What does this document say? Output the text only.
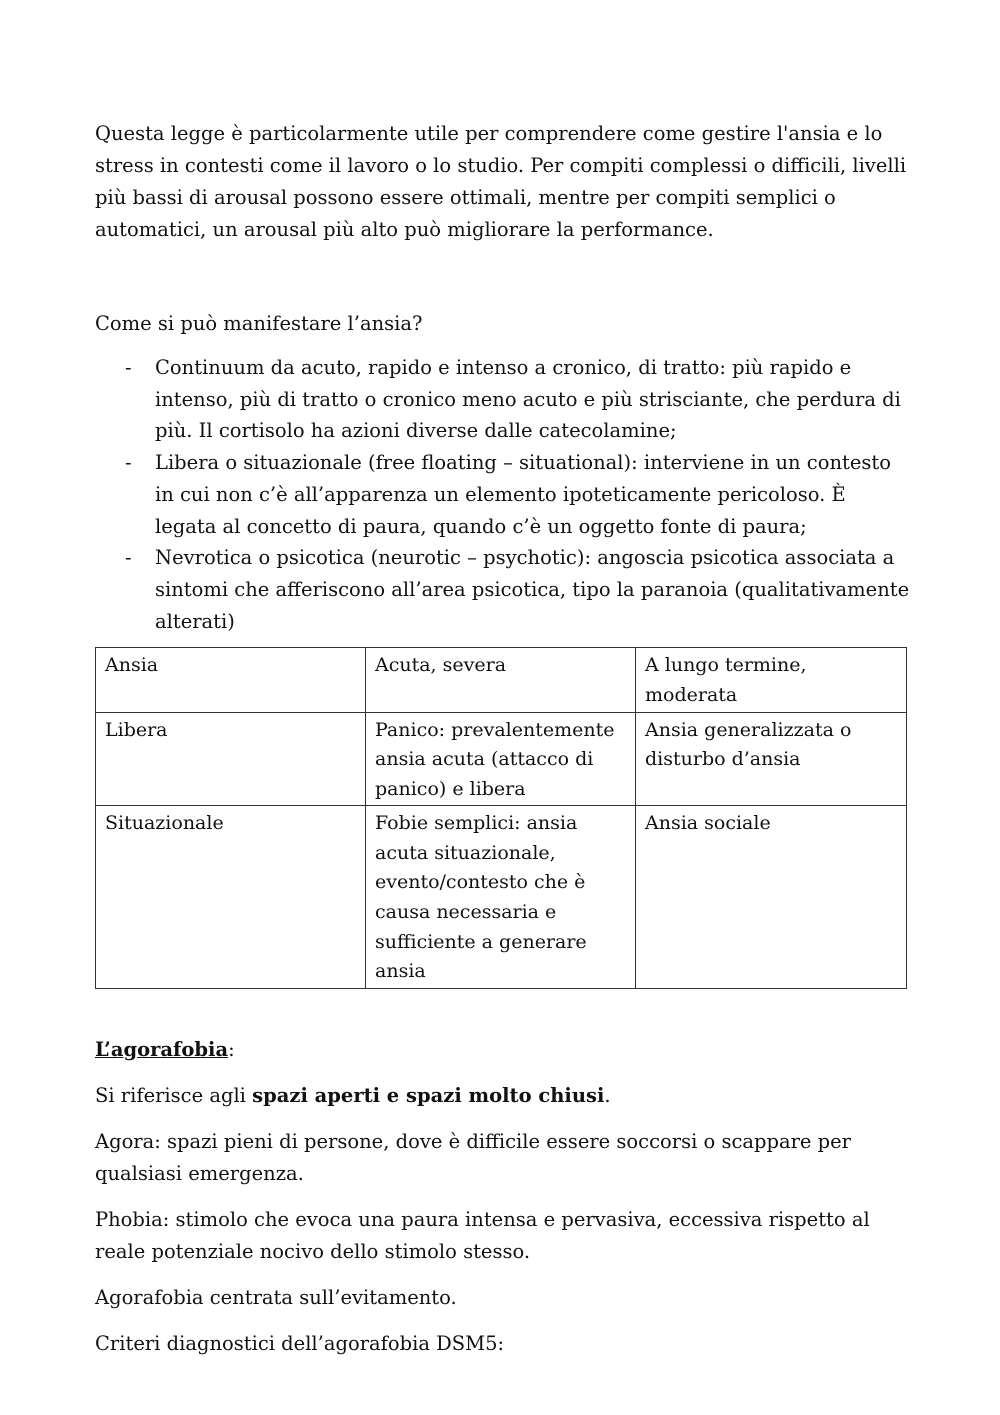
Questa legge è particolarmente utile per comprendere come gestire l'ansia e lo stress in contesti come il lavoro o lo studio. Per compiti complessi o difficili, livelli più bassi di arousal possono essere ottimali, mentre per compiti semplici o automatici, un arousal più alto può migliorare la performance.

Come si può manifestare l’ansia?

- Continuum da acuto, rapido e intenso a cronico, di tratto: più rapido e intenso, più di tratto o cronico meno acuto e più strisciante, che perdura di più. Il cortisolo ha azioni diverse dalle catecolamine;
- Libera o situazionale (free floating – situational): interviene in un contesto in cui non c’è all’apparenza un elemento ipoteticamente pericoloso. È legata al concetto di paura, quando c’è un oggetto fonte di paura;
- Nevrotica o psicotica (neurotic – psychotic): angoscia psicotica associata a sintomi che afferiscono all’area psicotica, tipo la paranoia (qualitativamente alterati)
Ansia	Acuta, severa	A lungo termine, moderata
Libera	Panico: prevalentemente ansia acuta (attacco di panico) e libera	Ansia generalizzata o disturbo d’ansia
Situazionale	Fobie semplici: ansia acuta situazionale, evento/contesto che è causa necessaria e sufficiente a generare ansia	Ansia sociale

L’agorafobia:

Si riferisce agli spazi aperti e spazi molto chiusi.

Agora: spazi pieni di persone, dove è difficile essere soccorsi o scappare per qualsiasi emergenza.

Phobia: stimolo che evoca una paura intensa e pervasiva, eccessiva rispetto al reale potenziale nocivo dello stimolo stesso.

Agorafobia centrata sull’evitamento.

Criteri diagnostici dell’agorafobia DSM5:
